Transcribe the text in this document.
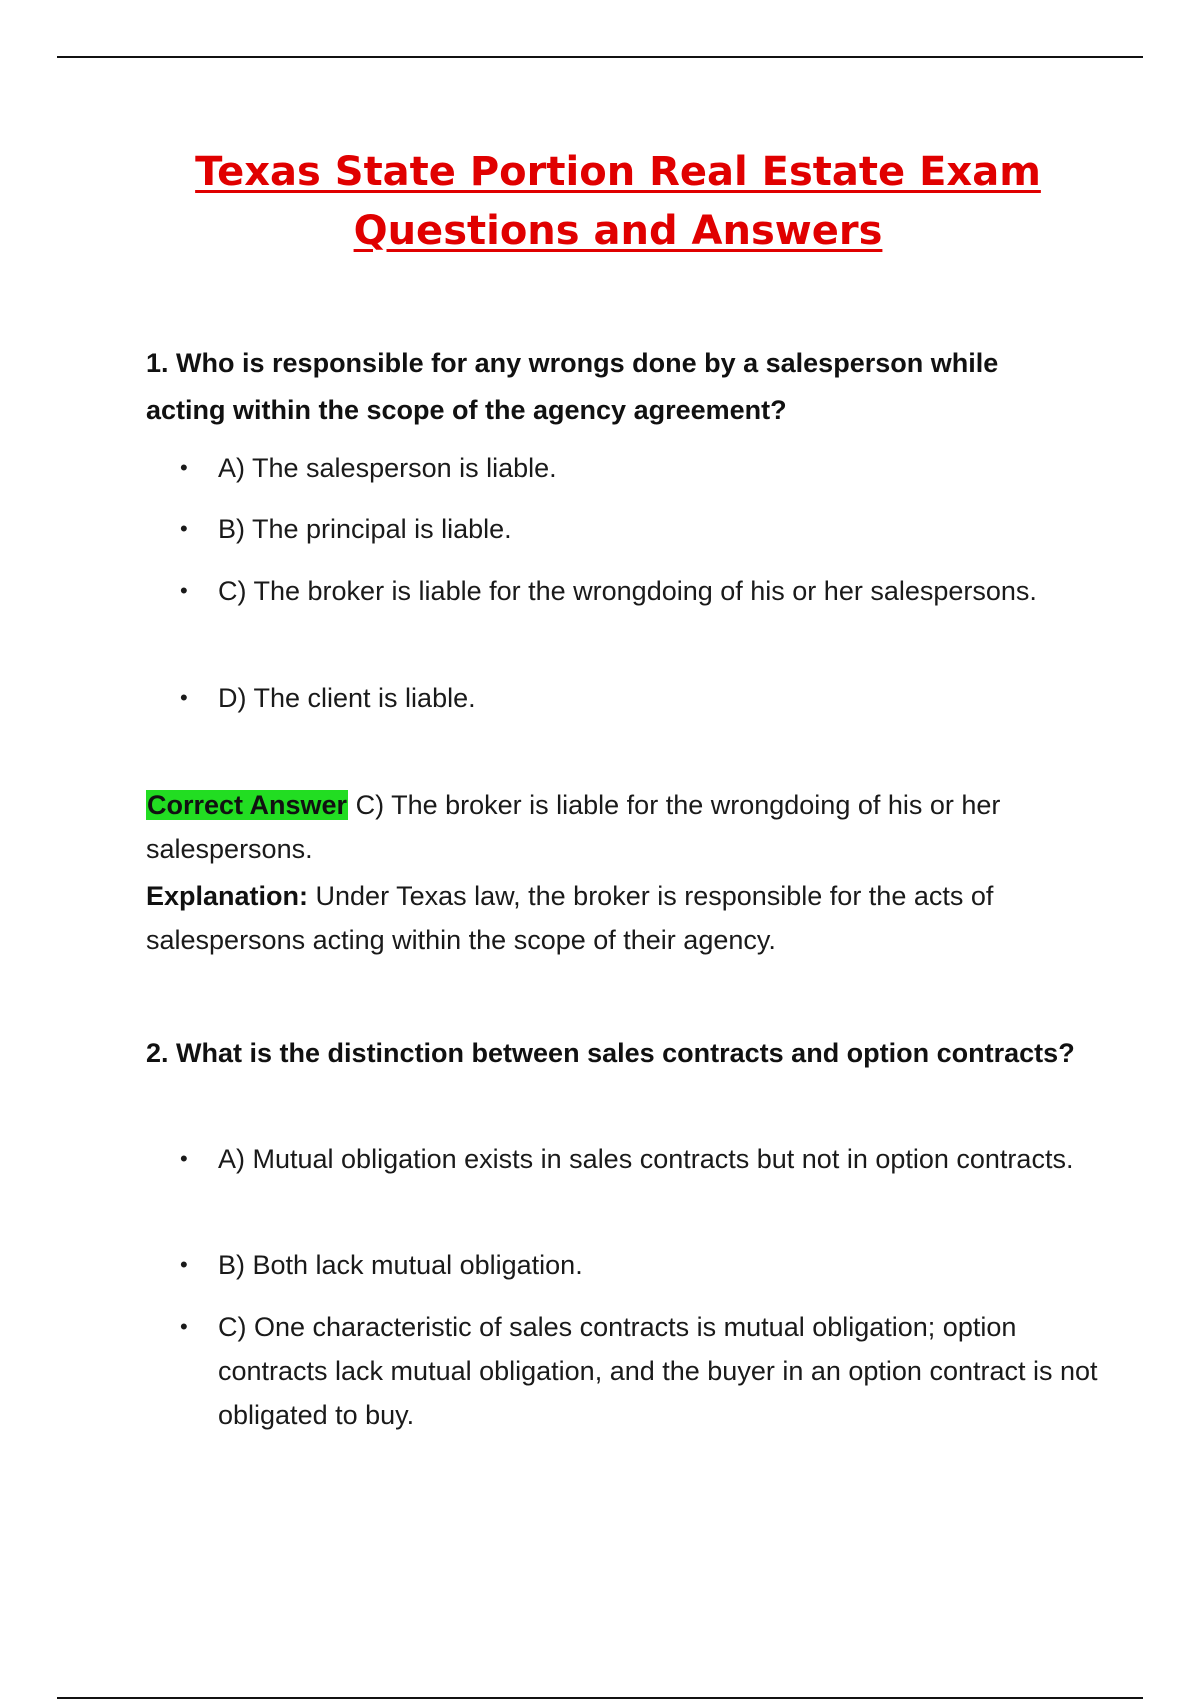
Texas State Portion Real Estate Exam
Questions and Answers

1. Who is responsible for any wrongs done by a salesperson while acting within the scope of the agency agreement?

• A) The salesperson is liable.
• B) The principal is liable.
• C) The broker is liable for the wrongdoing of his or her salespersons.
• D) The client is liable.

Correct Answer C) The broker is liable for the wrongdoing of his or her salespersons.

Explanation: Under Texas law, the broker is responsible for the acts of salespersons acting within the scope of their agency.

2. What is the distinction between sales contracts and option contracts?

• A) Mutual obligation exists in sales contracts but not in option contracts.
• B) Both lack mutual obligation.
• C) One characteristic of sales contracts is mutual obligation; option contracts lack mutual obligation, and the buyer in an option contract is not obligated to buy.
